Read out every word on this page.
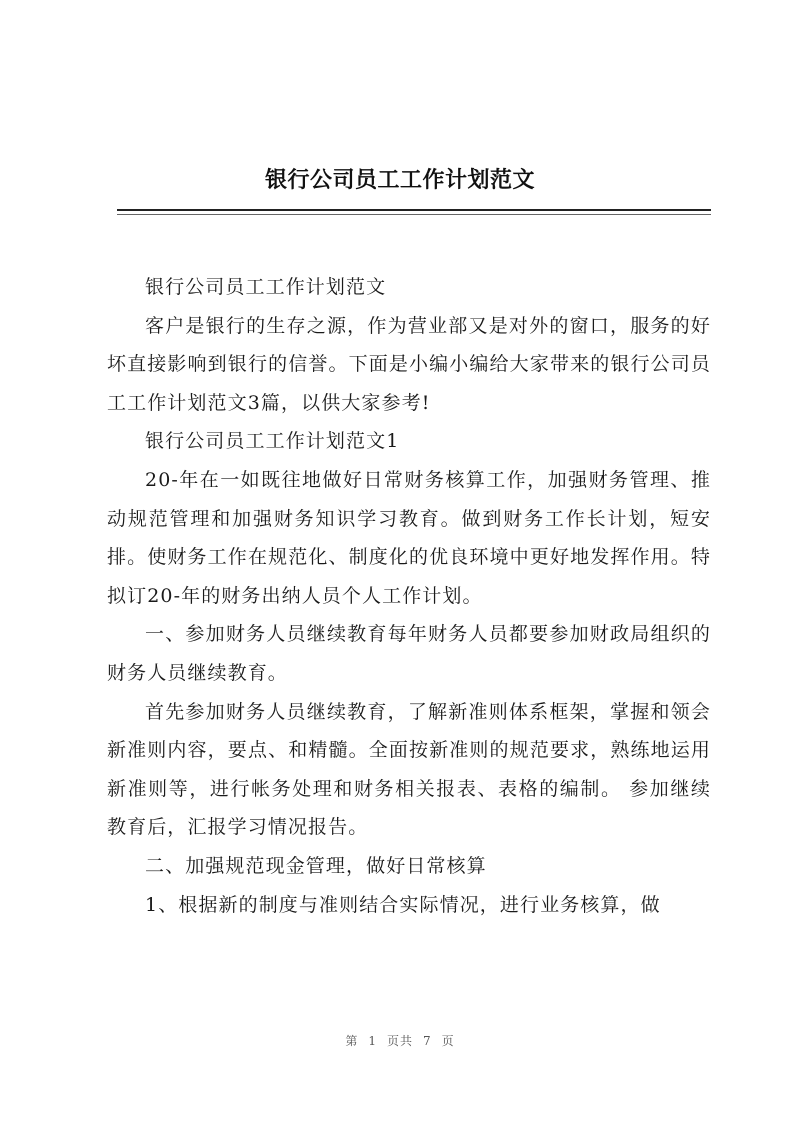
银行公司员工工作计划范文

银行公司员工工作计划范文

客户是银行的生存之源，作为营业部又是对外的窗口，服务的好坏直接影响到银行的信誉。下面是小编小编给大家带来的银行公司员工工作计划范文3篇，以供大家参考!

银行公司员工工作计划范文1

20-年在一如既往地做好日常财务核算工作，加强财务管理、推动规范管理和加强财务知识学习教育。做到财务工作长计划，短安排。使财务工作在规范化、制度化的优良环境中更好地发挥作用。特拟订20-年的财务出纳人员个人工作计划。

一、参加财务人员继续教育每年财务人员都要参加财政局组织的财务人员继续教育。

首先参加财务人员继续教育，了解新准则体系框架，掌握和领会新准则内容，要点、和精髓。全面按新准则的规范要求，熟练地运用新准则等，进行帐务处理和财务相关报表、表格的编制。 参加继续教育后，汇报学习情况报告。

二、加强规范现金管理，做好日常核算

1、根据新的制度与准则结合实际情况，进行业务核算，做

第 1 页共 7 页
